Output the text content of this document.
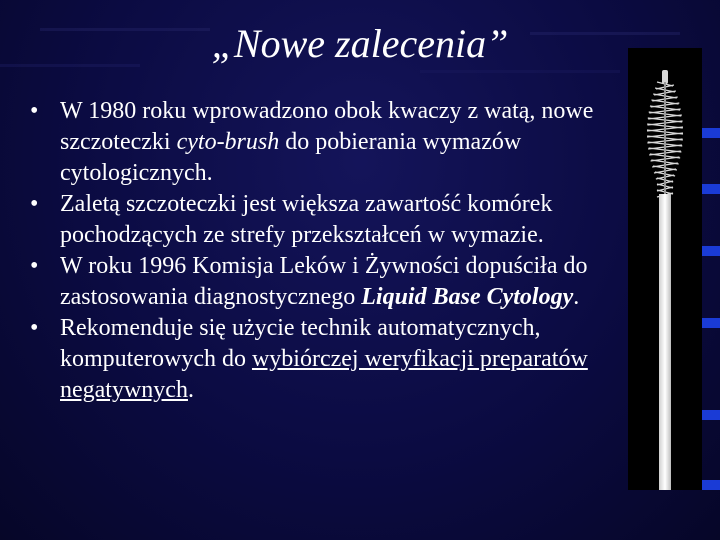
„Nowe zalecenia”
• W 1980 roku wprowadzono obok kwaczy z watą, nowe szczoteczki cyto-brush do pobierania wymazów cytologicznych.
• Zaletą szczoteczki jest większa zawartość komórek pochodzących ze strefy przekształceń w wymazie.
• W roku 1996 Komisja Leków i Żywności dopuściła do zastosowania diagnostycznego Liquid Base Cytology.
• Rekomenduje się użycie technik automatycznych, komputerowych do wybiórczej weryfikacji preparatów negatywnych.
